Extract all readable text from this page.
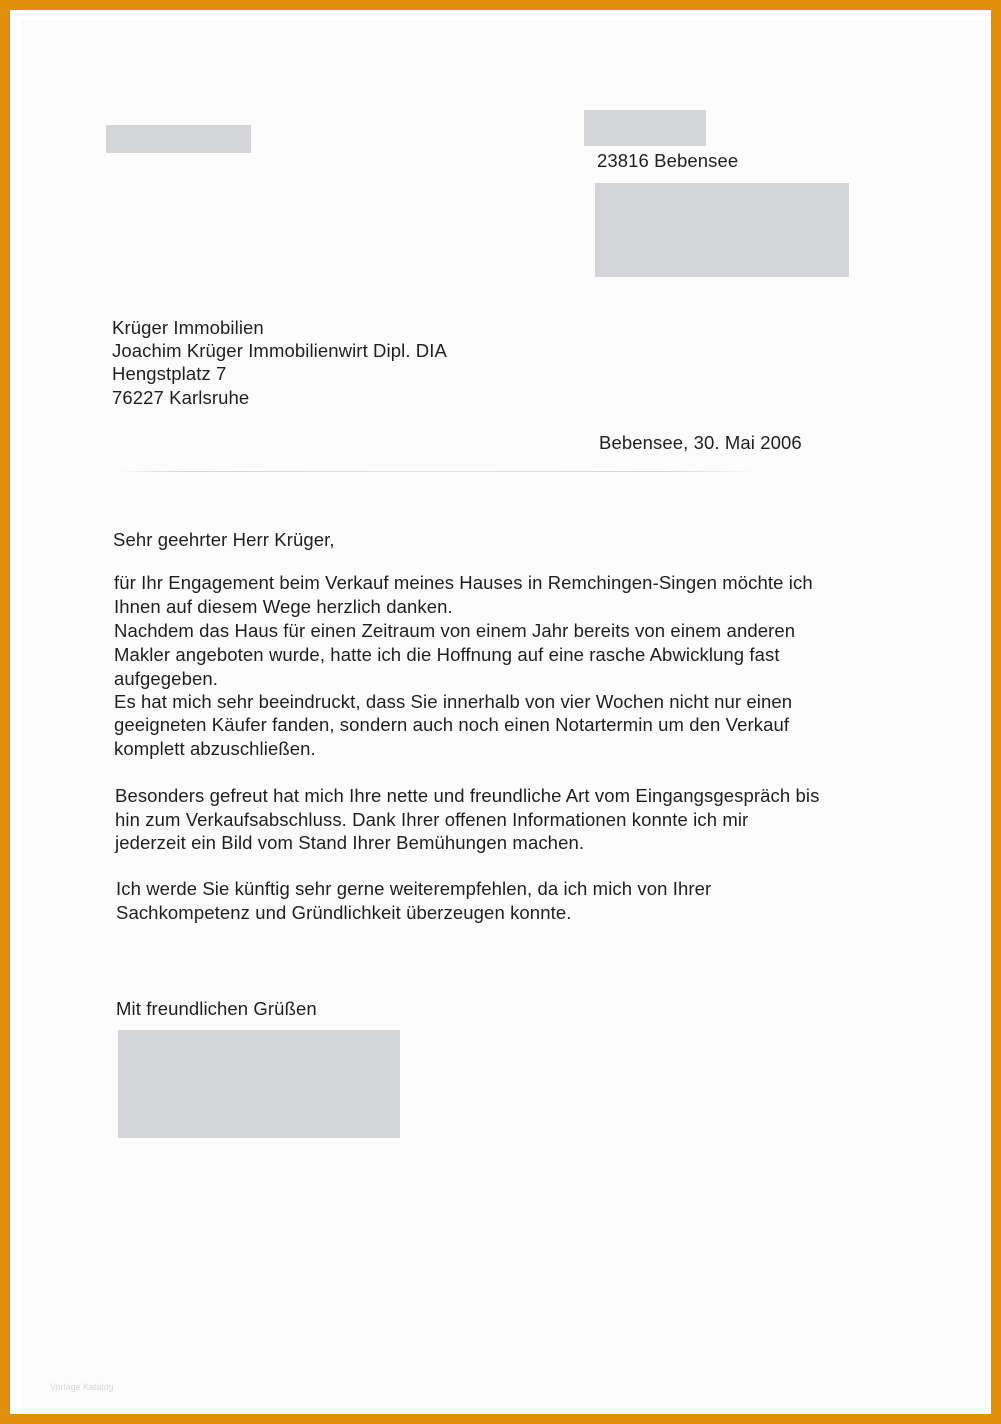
23816 Bebensee
Krüger Immobilien
Joachim Krüger Immobilienwirt Dipl. DIA
Hengstplatz 7
76227 Karlsruhe
Bebensee, 30. Mai 2006
Sehr geehrter Herr Krüger,
für Ihr Engagement beim Verkauf meines Hauses in Remchingen-Singen möchte ich
Ihnen auf diesem Wege herzlich danken.
Nachdem das Haus für einen Zeitraum von einem Jahr bereits von einem anderen
Makler angeboten wurde, hatte ich die Hoffnung auf eine rasche Abwicklung fast
aufgegeben.
Es hat mich sehr beeindruckt, dass Sie innerhalb von vier Wochen nicht nur einen
geeigneten Käufer fanden, sondern auch noch einen Notartermin um den Verkauf
komplett abzuschließen.
Besonders gefreut hat mich Ihre nette und freundliche Art vom Eingangsgespräch bis
hin zum Verkaufsabschluss. Dank Ihrer offenen Informationen konnte ich mir
jederzeit ein Bild vom Stand Ihrer Bemühungen machen.
Ich werde Sie künftig sehr gerne weiterempfehlen, da ich mich von Ihrer
Sachkompetenz und Gründlichkeit überzeugen konnte.
Mit freundlichen Grüßen
Vorlage Katalog
